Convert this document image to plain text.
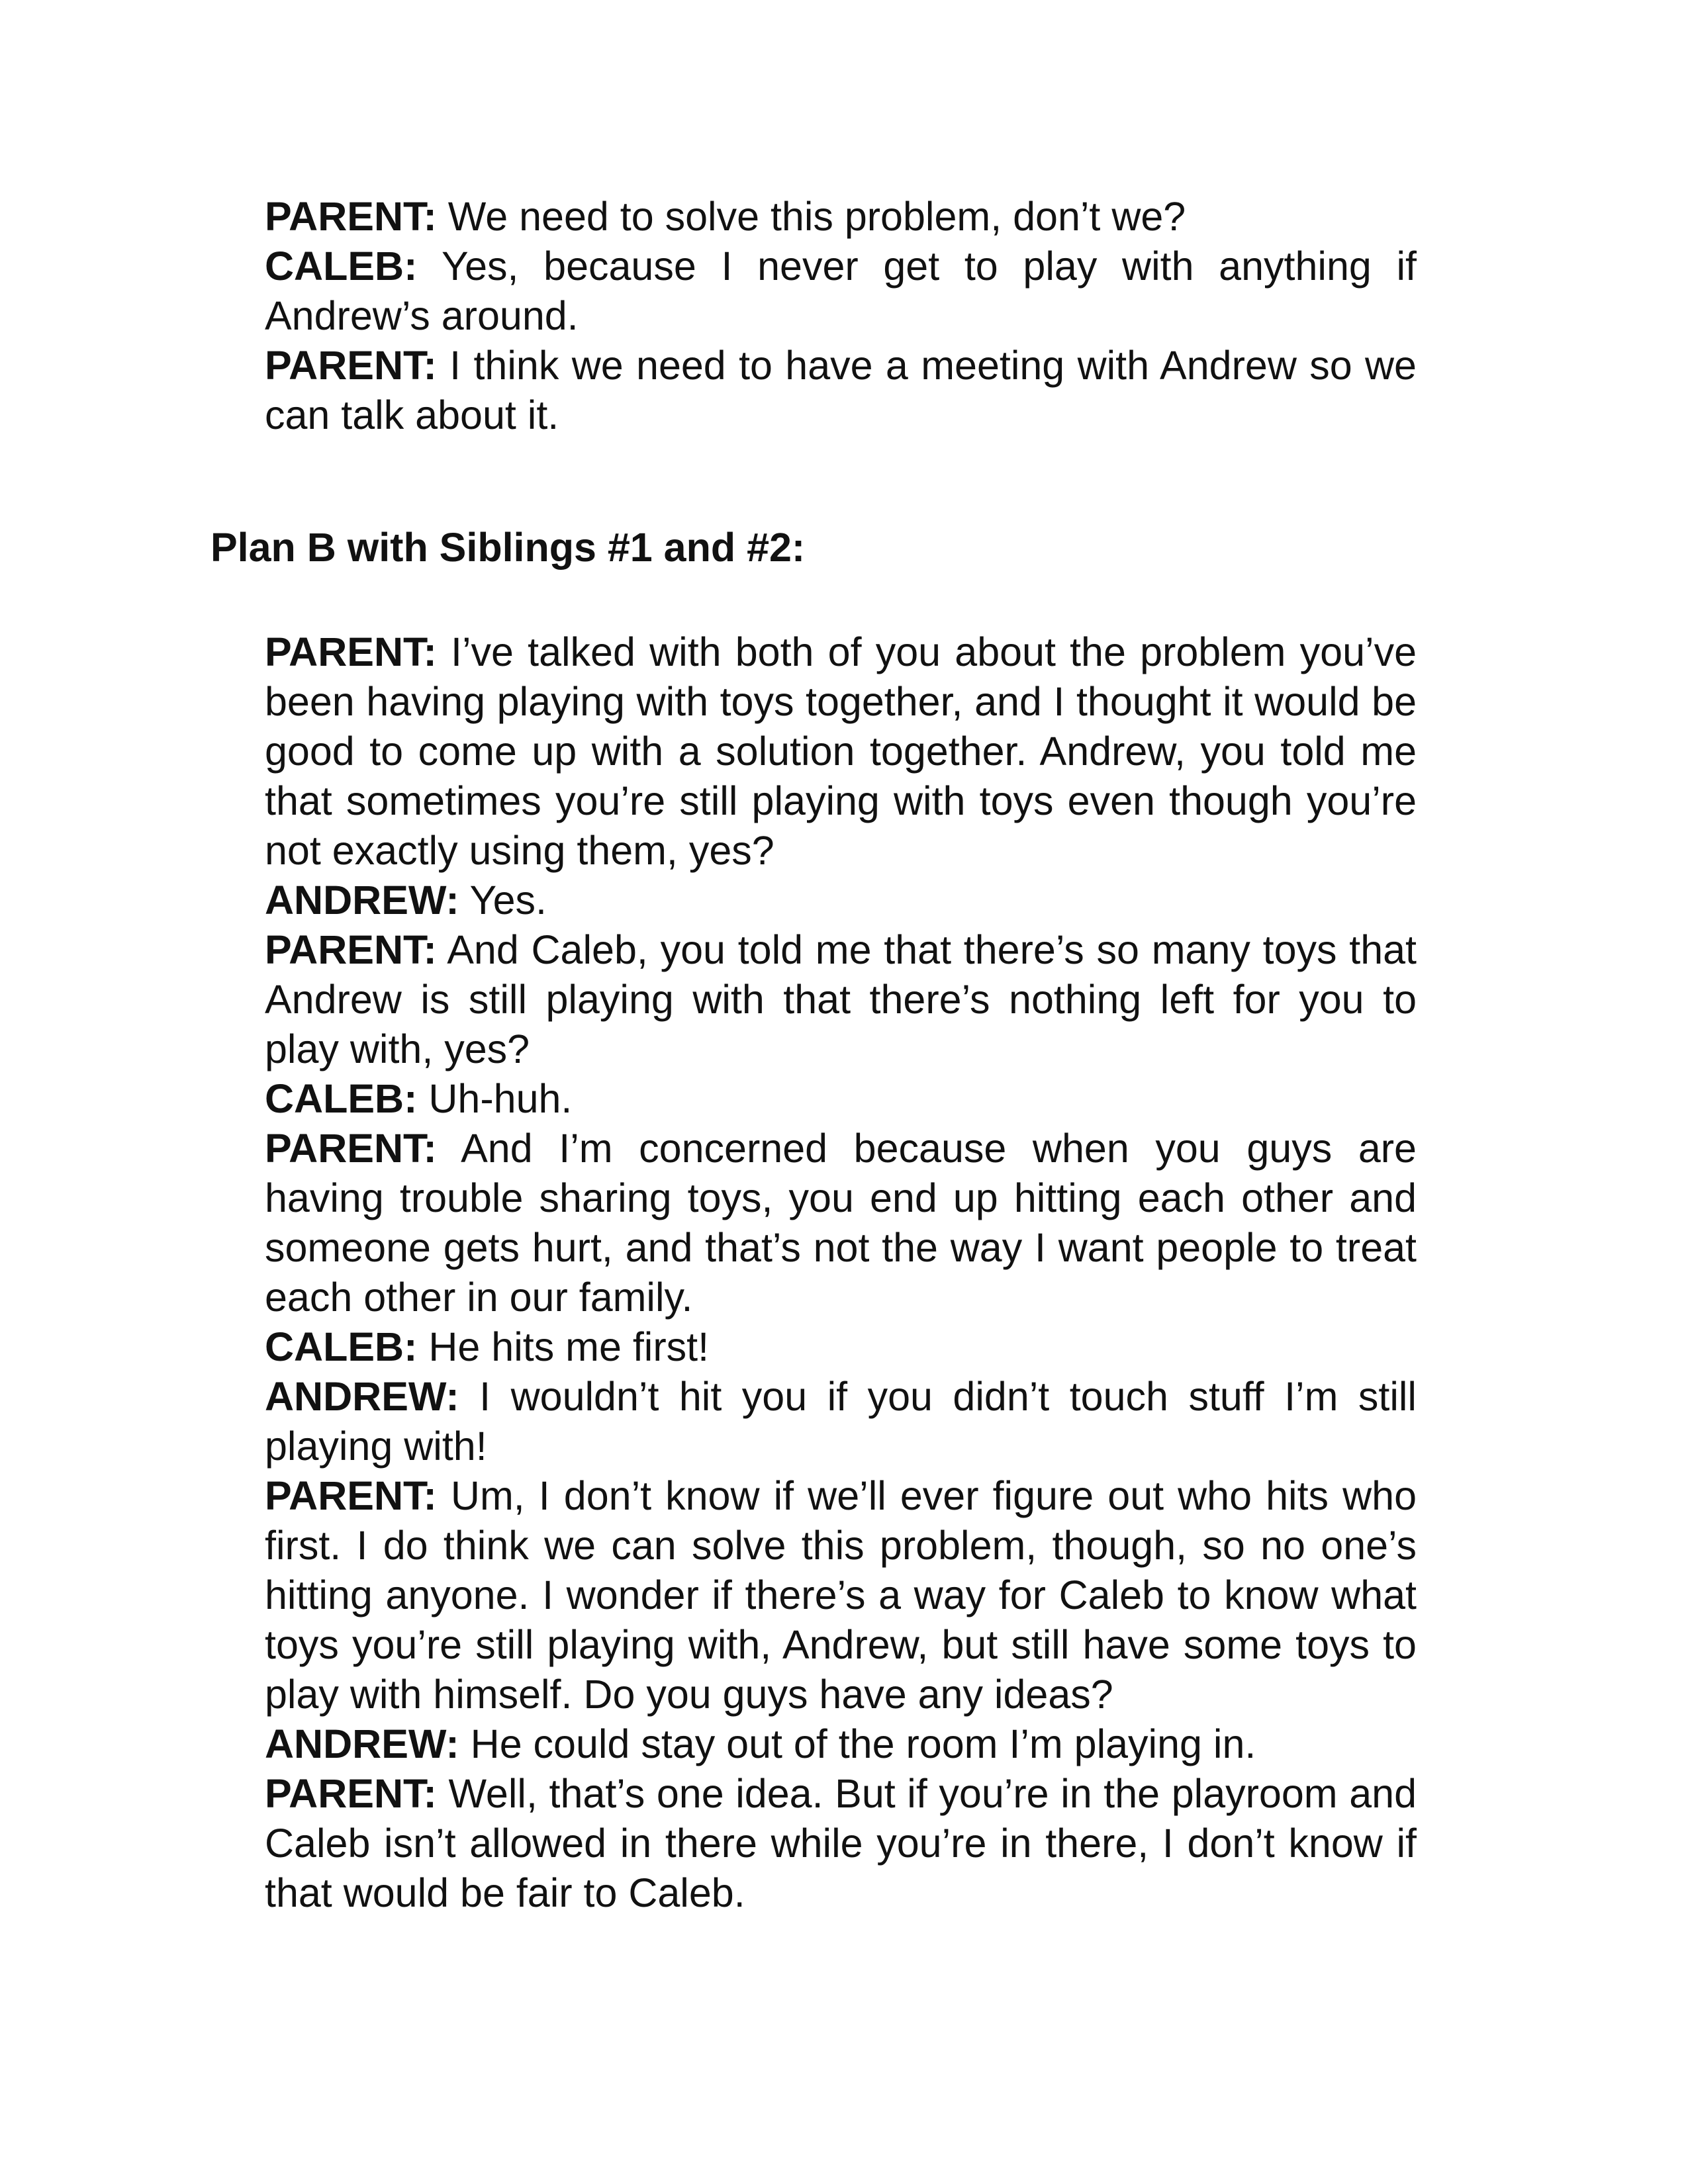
PARENT: We need to solve this problem, don’t we?

CALEB: Yes, because I never get to play with anything if Andrew’s around.

PARENT: I think we need to have a meeting with Andrew so we can talk about it.

Plan B with Siblings #1 and #2:

PARENT: I’ve talked with both of you about the problem you’ve been having playing with toys together, and I thought it would be good to come up with a solution together. Andrew, you told me that sometimes you’re still playing with toys even though you’re not exactly using them, yes?

ANDREW: Yes.

PARENT: And Caleb, you told me that there’s so many toys that Andrew is still playing with that there’s nothing left for you to play with, yes?

CALEB: Uh-huh.

PARENT: And I’m concerned because when you guys are having trouble sharing toys, you end up hitting each other and someone gets hurt, and that’s not the way I want people to treat each other in our family.

CALEB: He hits me first!

ANDREW: I wouldn’t hit you if you didn’t touch stuff I’m still playing with!

PARENT: Um, I don’t know if we’ll ever figure out who hits who first. I do think we can solve this problem, though, so no one’s hitting anyone. I wonder if there’s a way for Caleb to know what toys you’re still playing with, Andrew, but still have some toys to play with himself. Do you guys have any ideas?

ANDREW: He could stay out of the room I’m playing in.

PARENT: Well, that’s one idea. But if you’re in the playroom and Caleb isn’t allowed in there while you’re in there, I don’t know if that would be fair to Caleb.
